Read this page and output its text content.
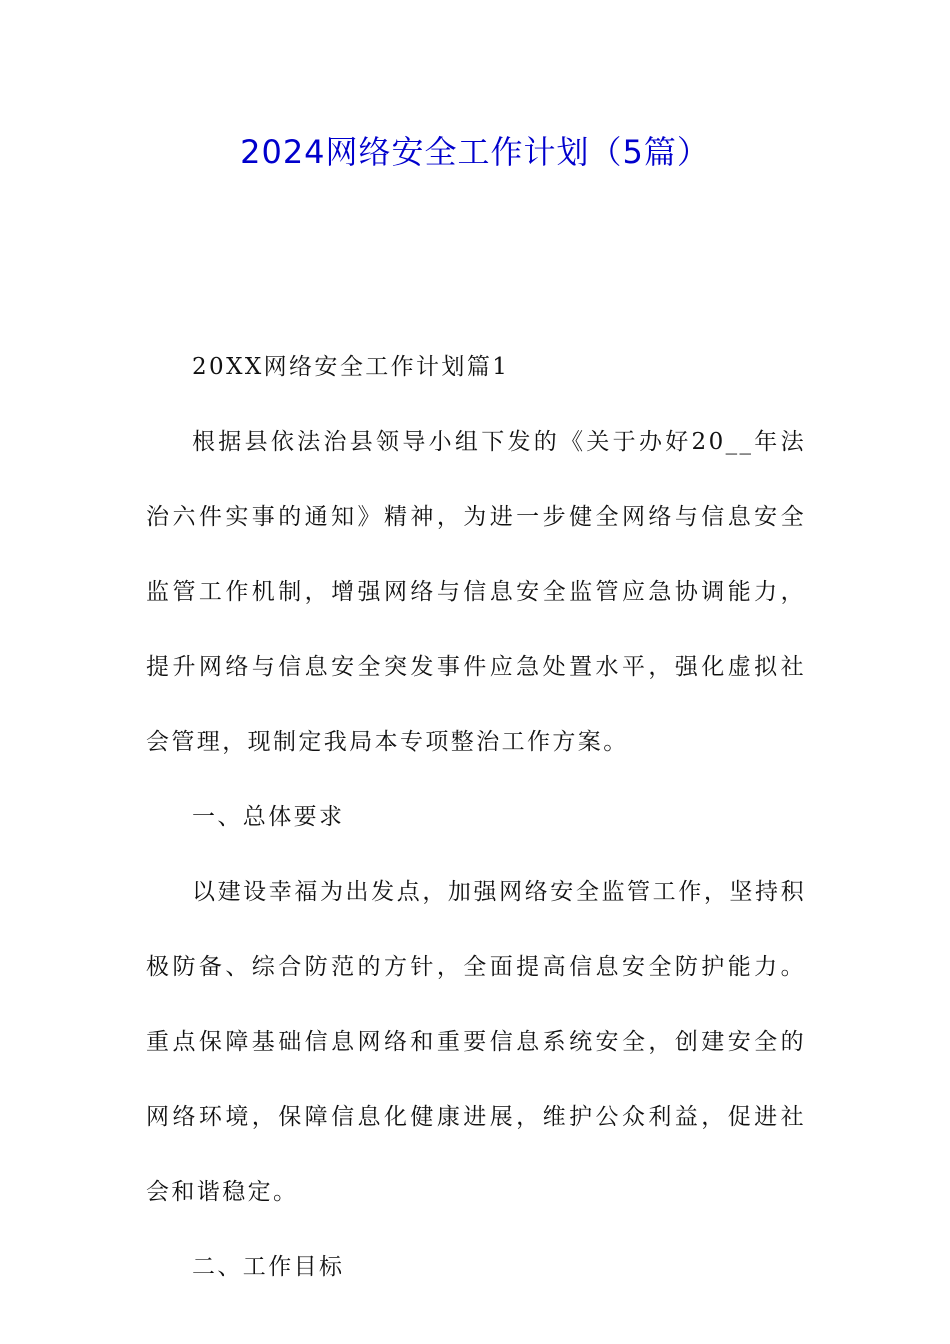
2024网络安全工作计划（5篇）

20XX网络安全工作计划篇1

根据县依法治县领导小组下发的《关于办好20__年法治六件实事的通知》精神，为进一步健全网络与信息安全监管工作机制，增强网络与信息安全监管应急协调能力，提升网络与信息安全突发事件应急处置水平，强化虚拟社会管理，现制定我局本专项整治工作方案。

一、总体要求

以建设幸福为出发点，加强网络安全监管工作，坚持积极防备、综合防范的方针，全面提高信息安全防护能力。重点保障基础信息网络和重要信息系统安全，创建安全的网络环境，保障信息化健康进展，维护公众利益，促进社会和谐稳定。

二、工作目标
